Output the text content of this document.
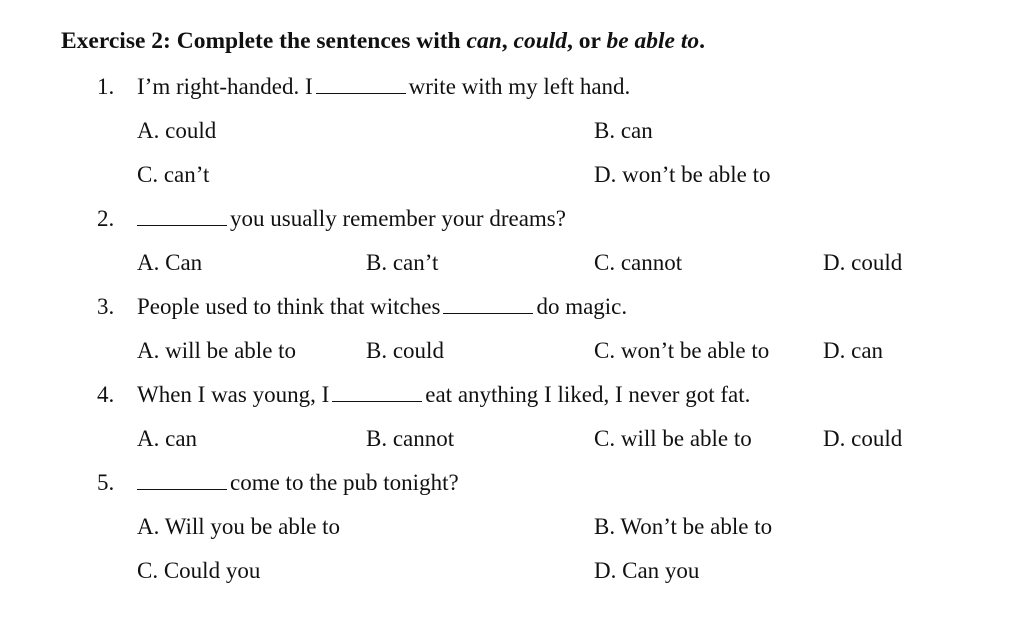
Exercise 2: Complete the sentences with can, could, or be able to.
1. I’m right-handed. I	write with my left hand.
A. could	B. can
C. can’t	D. won’t be able to
2.	you usually remember your dreams?
A. Can	B. can’t	C. cannot	D. could
3. People used to think that witches	do magic.
A. will be able to	B. could	C. won’t be able to D. can
4. When I was young, I	eat anything I liked, I never got fat.
A. can	B. cannot	C. will be able to	D. could
5.	come to the pub tonight?
A. Will you be able to	B. Won’t be able to
C. Could you	D. Can you
